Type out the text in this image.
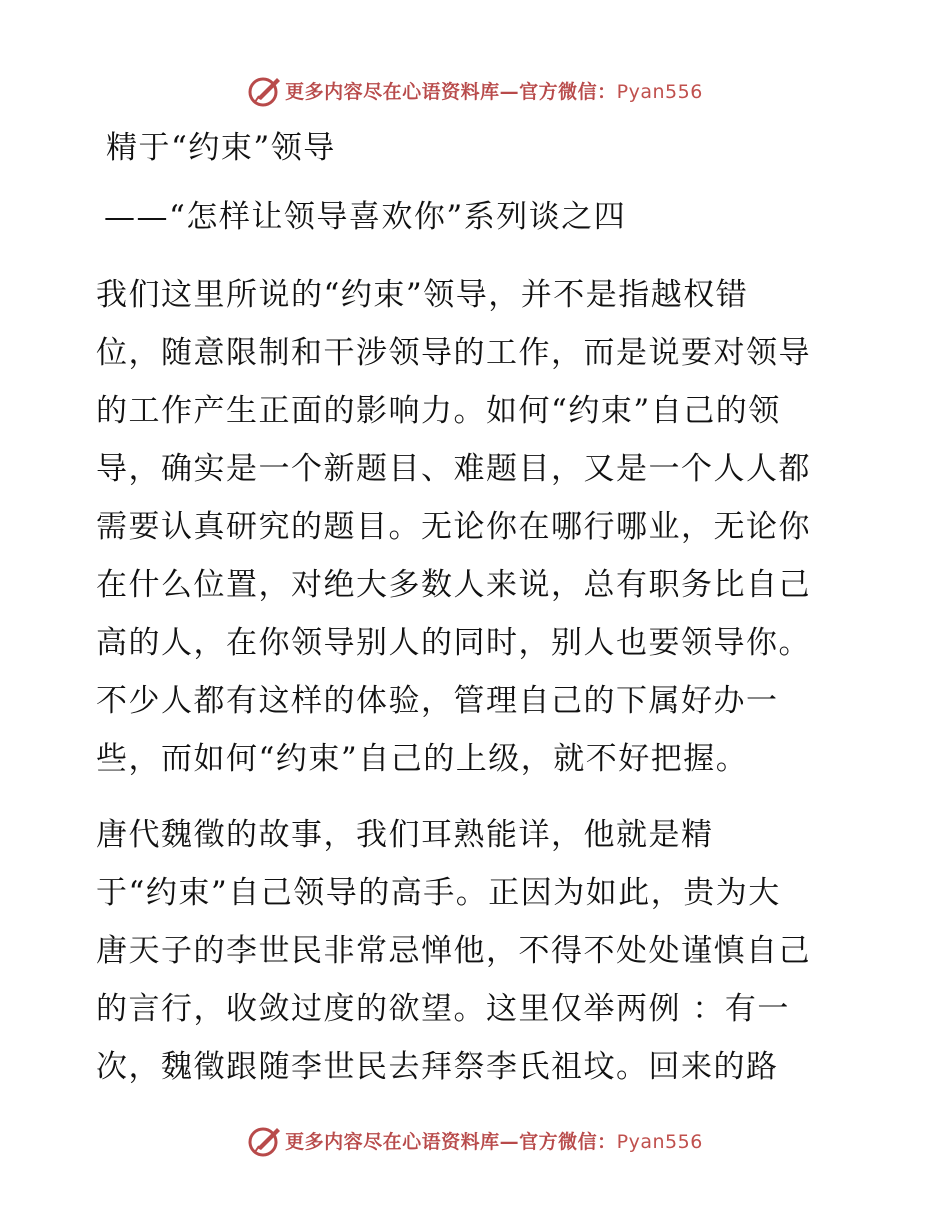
更多内容尽在心语资料库—官方微信：Pyan556
精于“约束”领导
——“怎样让领导喜欢你”系列谈之四
我们这里所说的“约束”领导，并不是指越权错
位，随意限制和干涉领导的工作，而是说要对领导
的工作产生正面的影响力。如何“约束”自己的领
导，确实是一个新题目、难题目，又是一个人人都
需要认真研究的题目。无论你在哪行哪业，无论你
在什么位置，对绝大多数人来说，总有职务比自己
高的人，在你领导别人的同时，别人也要领导你。
不少人都有这样的体验，管理自己的下属好办一
些，而如何“约束”自己的上级，就不好把握。
唐代魏徵的故事，我们耳熟能详，他就是精
于“约束”自己领导的高手。正因为如此，贵为大
唐天子的李世民非常忌惮他，不得不处处谨慎自己
的言行，收敛过度的欲望。这里仅举两例 ：有一
次，魏徵跟随李世民去拜祭李氏祖坟。回来的路
更多内容尽在心语资料库—官方微信：Pyan556
